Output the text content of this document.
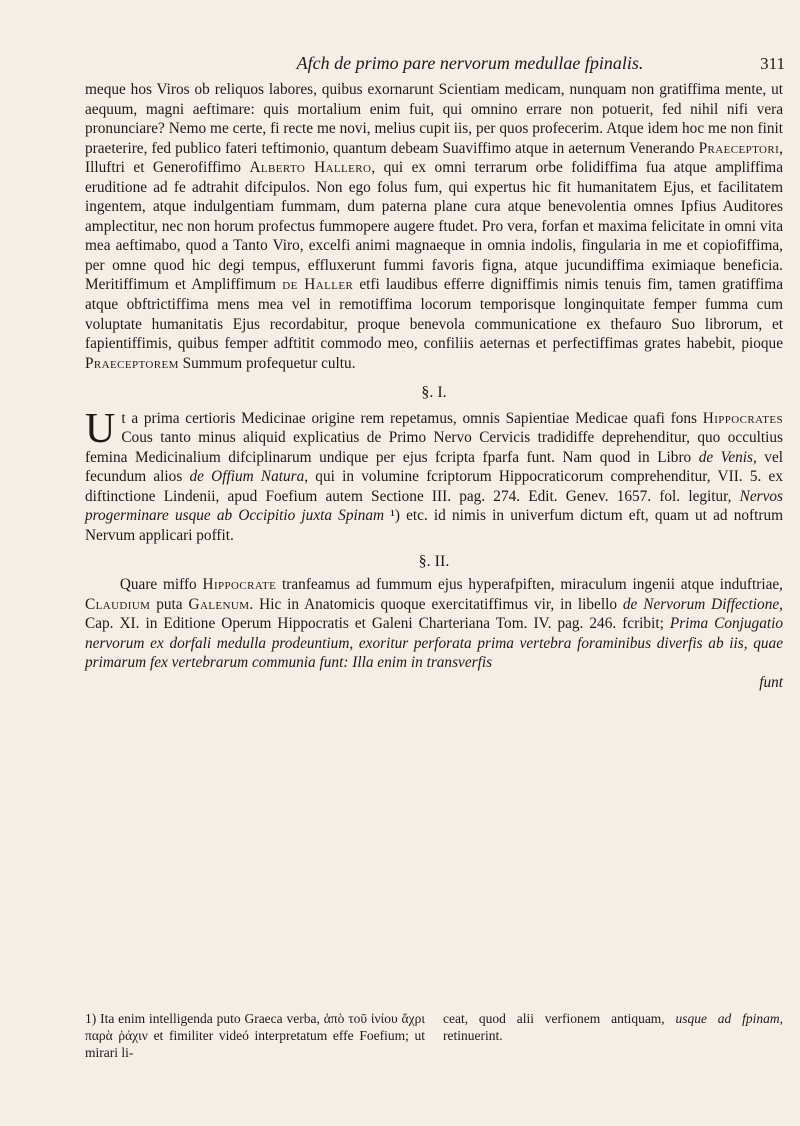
Afch de primo pare nervorum medullae fpinalis.	311

meque hos Viros ob reliquos labores, quibus exornarunt Scientiam medicam, nunquam non gratiffima mente, ut aequum, magni aeftimare: quis mortalium enim fuit, qui omnino errare non potuerit, fed nihil nifi vera pronunciare? Nemo me certe, fi recte me novi, melius cupit iis, per quos profecerim. Atque idem hoc me non finit praeterire, fed publico fateri teftimonio, quantum debeam Suaviffimo atque in aeternum Venerando Praeceptori, Illuftri et Generofiffimo Alberto Hallero, qui ex omni terrarum orbe folidiffima fua atque ampliffima eruditione ad fe adtrahit difcipulos. Non ego folus fum, qui expertus hic fit humanitatem Ejus, et facilitatem ingentem, atque indulgentiam fummam, dum paterna plane cura atque benevolentia omnes Ipfius Auditores amplectitur, nec non horum profectus fummopere augere ftudet. Pro vera, forfan et maxima felicitate in omni vita mea aeftimabo, quod a Tanto Viro, excelfi animi magnaeque in omnia indolis, fingularia in me et copiofiffima, per omne quod hic degi tempus, effluxerunt fummi favoris figna, atque jucundiffima eximiaque beneficia. Meritiffimum et Ampliffimum de Haller etfi laudibus efferre digniffimis nimis tenuis fim, tamen gratiffima atque obftrictiffima mens mea vel in remotiffima locorum temporisque longinquitate femper fumma cum voluptate humanitatis Ejus recordabitur, proque benevola communicatione ex thefauro Suo librorum, et fapientiffimis, quibus femper adftitit commodo meo, confiliis aeternas et perfectiffimas grates habebit, pioque Praeceptorem Summum profequetur cultu.

§. I.

Ut a prima certioris Medicinae origine rem repetamus, omnis Sapientiae Medicae quafi fons Hippocrates Cous tanto minus aliquid explicatius de Primo Nervo Cervicis tradidiffe deprehenditur, quo occultius femina Medicinalium difciplinarum undique per ejus fcripta fparfa funt. Nam quod in Libro de Venis, vel fecundum alios de Offium Natura, qui in volumine fcriptorum Hippocraticorum comprehenditur, VII. 5. ex diftinctione Lindenii, apud Foefium autem Sectione III. pag. 274. Edit. Genev. 1657. fol. legitur, Nervos progerminare usque ab Occipitio juxta Spinam ¹) etc. id nimis in univerfum dictum eft, quam ut ad noftrum Nervum applicari poffit.

§. II.

Quare miffo Hippocrate tranfeamus ad fummum ejus hyperafpiften, miraculum ingenii atque induftriae, Claudium puta Galenum. Hic in Anatomicis quoque exercitatiffimus vir, in libello de Nervorum Diffectione, Cap. XI. in Editione Operum Hippocratis et Galeni Charteriana Tom. IV. pag. 246. fcribit; Prima Conjugatio nervorum ex dorfali medulla prodeuntium, exoritur perforata prima vertebra foraminibus diverfis ab iis, quae primarum fex vertebrarum communia funt: Illa enim in transverfis

funt
1) Ita enim intelligenda puto Graeca verba, ἀπὸ τοῦ ἰνίου ἄχρι παρὰ ῥάχιν et fimiliter videó interpretatum effe Foefium; ut mirari li-
ceat, quod alii verfionem antiquam, usque ad fpinam, retinuerint.
